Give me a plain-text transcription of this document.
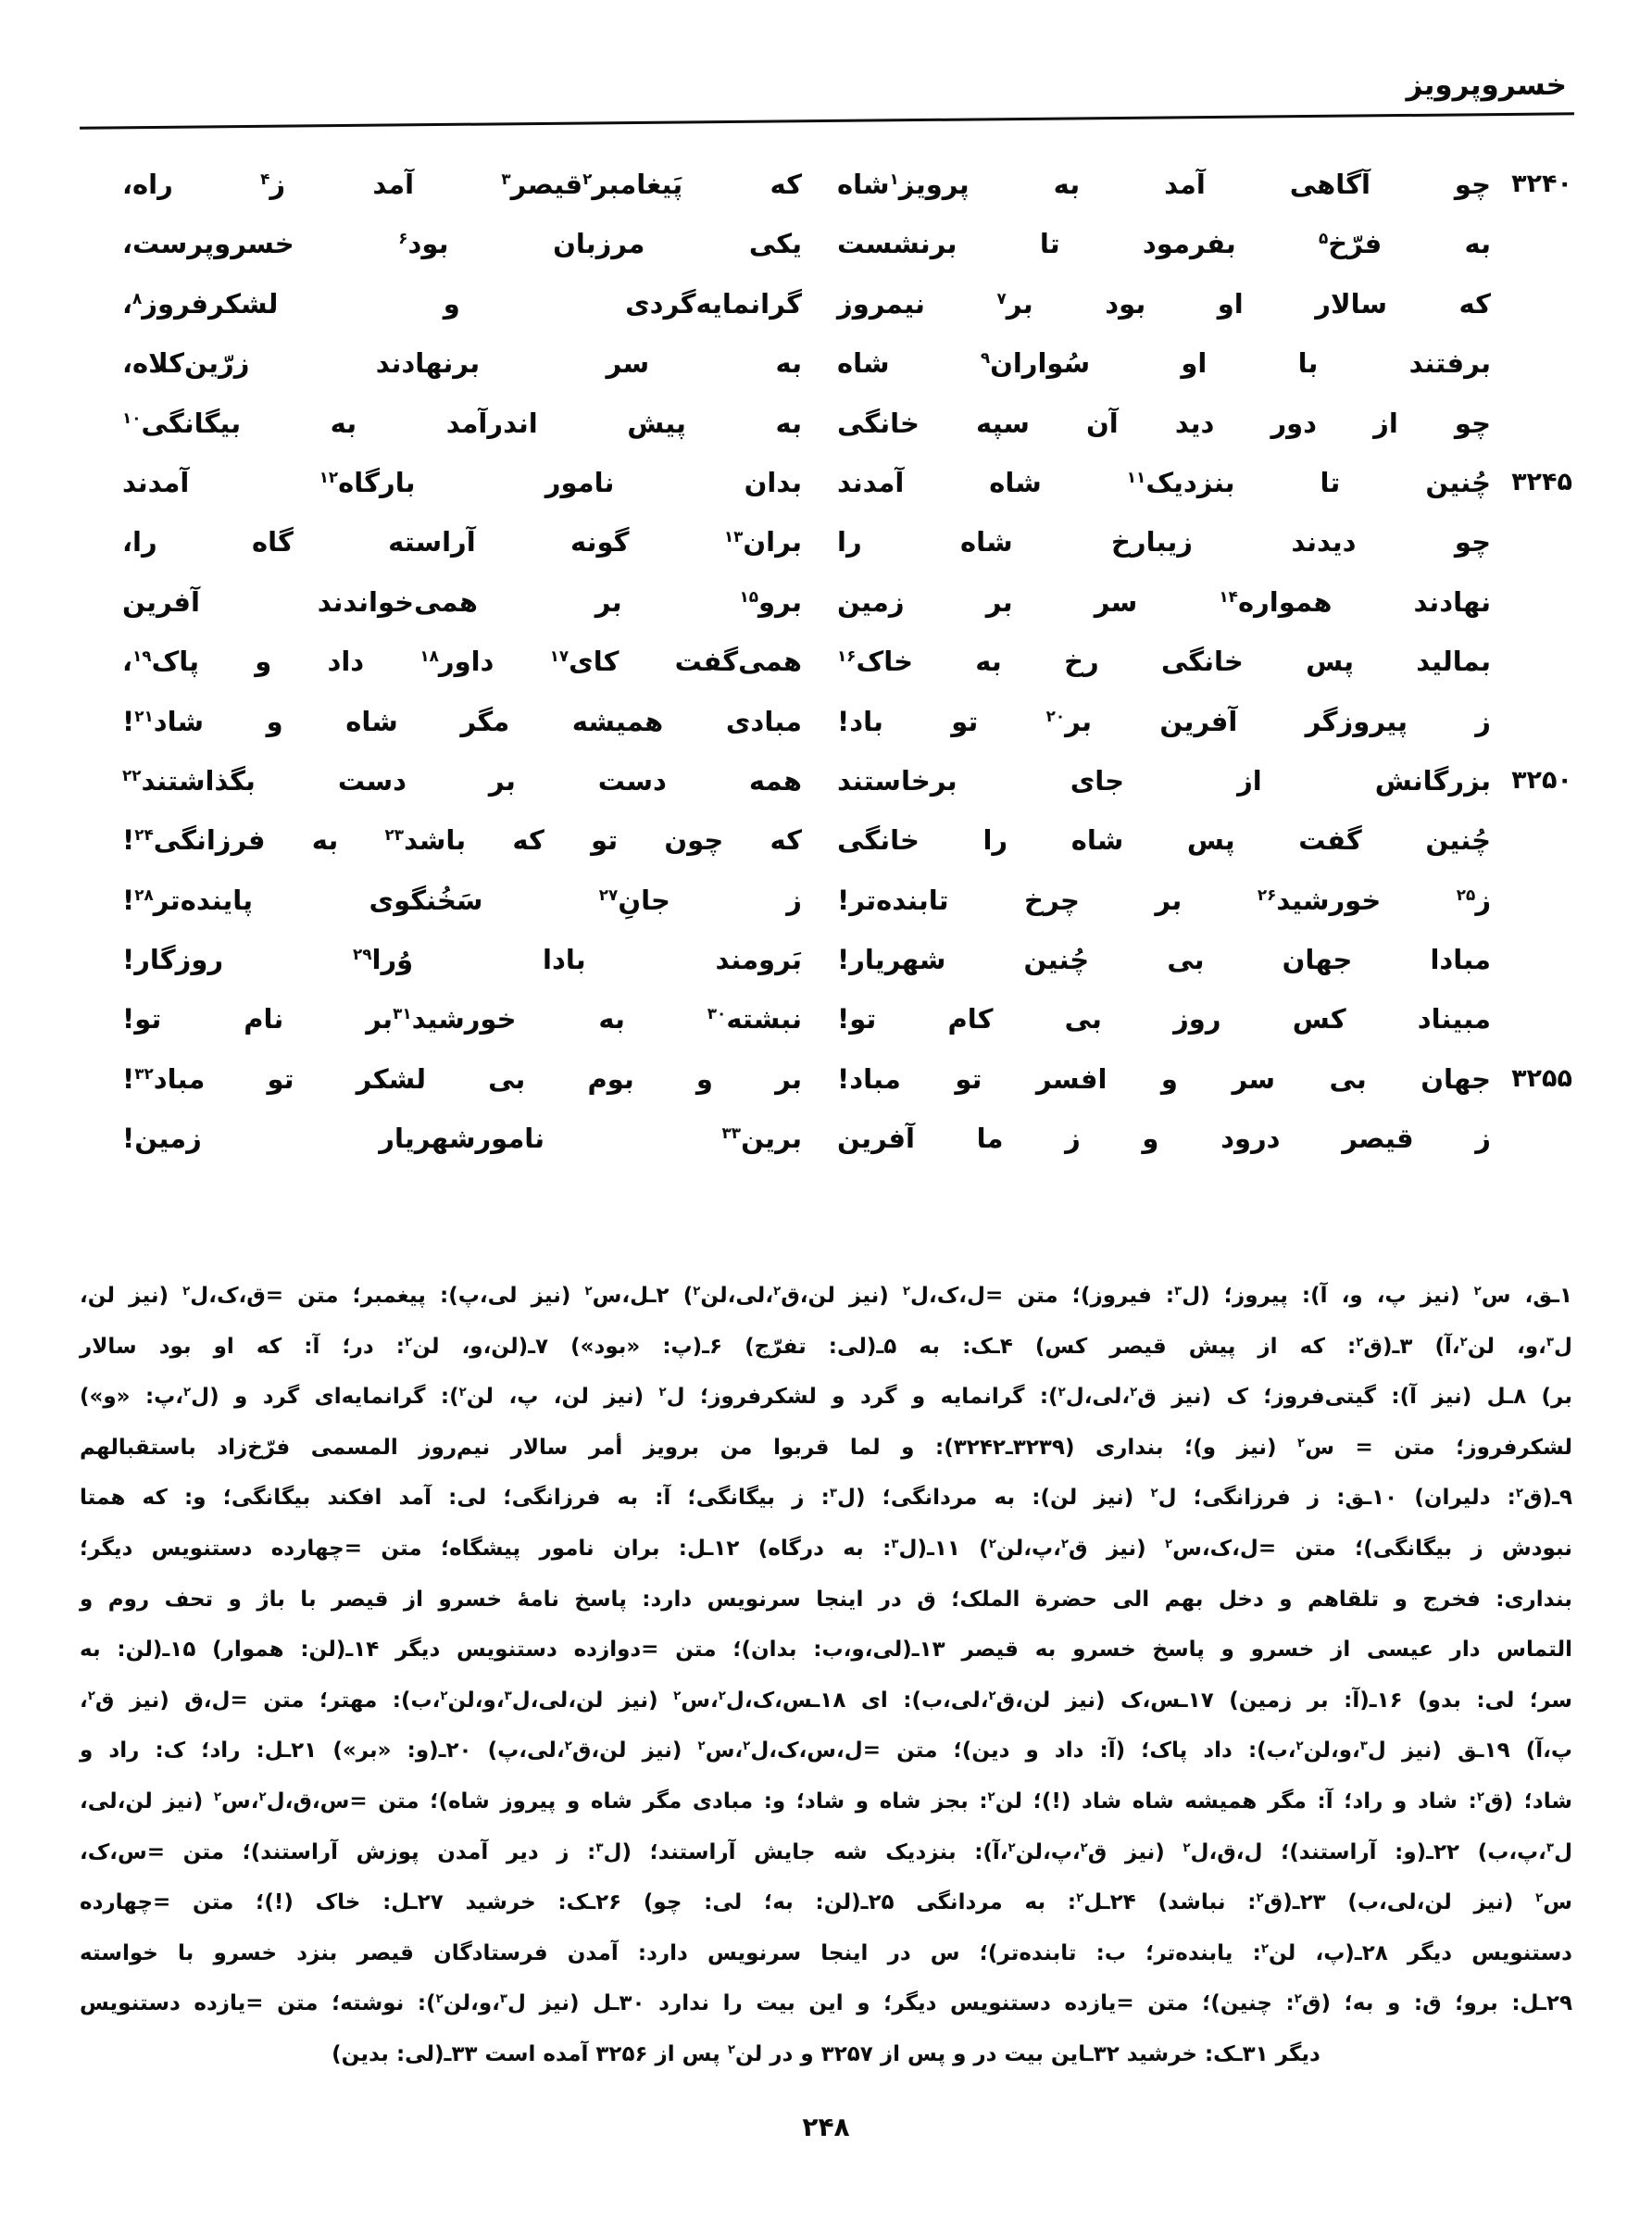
خسروپرویز
۳۲۴۰
چو آگاهی آمد به پرویز$^۱$شاه
که پَیغامبر$^۲$قیصر$^۳$ آمد ز$^۴$ راه،
به فرّخ$^۵$ بفرمود تا برنشست
یکی مرزبان بود$^۶$ خسروپرست،
که سالار او بود بر$^۷$ نیمروز
گرانمایه‌گردی و لشکرفروز$^۸$،
برفتند با او سُواران$^۹$ شاه
به سر برنهادند زرّین‌کلاه،
چو از دور دید آن سپه خانگی
به پیش اندرآمد به بیگانگی$^{۱۰}$
۳۲۴۵
چُنین تا بنزدیک$^{۱۱}$ شاه آمدند
بدان نامور بارگاه$^{۱۲}$ آمدند
چو دیدند زیبارخ شاه را
بران$^{۱۳}$ گونه آراسته گاه را،
نهادند همواره$^{۱۴}$ سر بر زمین
برو$^{۱۵}$ بر همی‌خواندند آفرین
بمالید پس خانگی رخ به خاک$^{۱۶}$
همی‌گفت کای$^{۱۷}$ داور$^{۱۸}$ داد و پاک$^{۱۹}$،
ز پیروزگر آفرین بر$^{۲۰}$ تو باد!
مبادی همیشه مگر شاه و شاد$^{۲۱}$!
۳۲۵۰
بزرگانش از جای برخاستند
همه دست بر دست بگذاشتند$^{۲۲}$
چُنین گفت پس شاه را خانگی
که چون تو که باشد$^{۲۳}$ به فرزانگی$^{۲۴}$!
ز$^{۲۵}$ خورشید$^{۲۶}$ بر چرخ تابنده‌تر!
ز جانِ$^{۲۷}$ سَخُنگوی پاینده‌تر$^{۲۸}$!
مبادا جهان بی چُنین شهریار!
بَرومند بادا وُرا$^{۲۹}$ روزگار!
مبیناد کس روز بی کام تو!
نبشته$^{۳۰}$ به خورشید$^{۳۱}$بر نام تو!
۳۲۵۵
جهان بی سر و افسر تو مباد!
بر و بوم بی لشکر تو مباد$^{۳۲}$!
ز قیصر درود و ز ما آفرین
برین$^{۳۳}$ نامورشهریار زمین!
۱ـق، س$^۲$ (نیز پ، و، آ): پیروز؛ (ل$^۳$: فیروز)؛ متن =ل،ک،ل$^۲$ (نیز لن،ق$^۲$،لی،لن$^۲$) ۲ـل،س$^۲$ (نیز لی،پ): پیغمبر؛ متن =ق،ک،ل$^۲$ (نیز لن،
ل$^۳$،و، لن$^۲$،آ) ۳ـ(ق$^۲$: که از پیش قیصر کس) ۴ـک: به ۵ـ(لی: تفرّج) ۶ـ(پ: «بود») ۷ـ(لن،و، لن$^۲$: در؛ آ: که او بود سالار
بر) ۸ـل (نیز آ): گیتی‌فروز؛ ک (نیز ق$^۲$،لی،ل$^۲$): گرانمایه و گرد و لشکرفروز؛ ل$^۲$ (نیز لن، پ، لن$^۲$): گرانمایه‌ای گرد و (ل$^۲$،پ: «و»)
لشکرفروز؛ متن = س$^۲$ (نیز و)؛ بنداری (۳۲۳۹ـ۳۲۴۲): و لما قربوا من برویز أمر سالار نیم‌روز المسمی فرّخ‌زاد باستقبالهم
۹ـ(ق$^۲$: دلیران) ۱۰ـق: ز فرزانگی؛ ل$^۲$ (نیز لن): به مردانگی؛ (ل$^۳$: ز بیگانگی؛ آ: به فرزانگی؛ لی: آمد افکند بیگانگی؛ و: که همتا
نبودش ز بیگانگی)؛ متن =ل،ک،س$^۲$ (نیز ق$^۲$،پ،لن$^۲$) ۱۱ـ(ل$^۳$: به درگاه) ۱۲ـل: بران نامور پیشگاه؛ متن =چهارده دستنویس دیگر؛
بنداری: فخرج و تلقاهم و دخل بهم الی حضرة الملک؛ ق در اینجا سرنویس دارد: پاسخ نامهٔ خسرو از قیصر با باژ و تحف روم و
التماس دار عیسی از خسرو و پاسخ خسرو به قیصر ۱۳ـ(لی،و،ب: بدان)؛ متن =دوازده دستنویس دیگر ۱۴ـ(لن: هموار) ۱۵ـ(لن: به
سر؛ لی: بدو) ۱۶ـ(آ: بر زمین) ۱۷ـس،ک (نیز لن،ق$^۲$،لی،ب): ای ۱۸ـس،ک،ل$^۲$،س$^۲$ (نیز لن،لی،ل$^۳$،و،لن$^۲$،ب): مهتر؛ متن =ل،ق (نیز ق$^۲$،
پ،آ) ۱۹ـق (نیز ل$^۳$،و،لن$^۲$،ب): داد پاک؛ (آ: داد و دین)؛ متن =ل،س،ک،ل$^۲$،س$^۲$ (نیز لن،ق$^۲$،لی،پ) ۲۰ـ(و: «بر») ۲۱ـل: راد؛ ک: راد و
شاد؛ (ق$^۲$: شاد و راد؛ آ: مگر همیشه شاه شاد (!)؛ لن$^۲$: بجز شاه و شاد؛ و: مبادی مگر شاه و پیروز شاه)؛ متن =س،ق،ل$^۲$،س$^۲$ (نیز لن،لی،
ل$^۳$،پ،ب) ۲۲ـ(و: آراستند)؛ ل،ق،ل$^۲$ (نیز ق$^۲$،پ،لن$^۲$،آ): بنزدیک شه جایش آراستند؛ (ل$^۳$: ز دیر آمدن پوزش آراستند)؛ متن =س،ک،
س$^۲$ (نیز لن،لی،ب) ۲۳ـ(ق$^۲$: نباشد) ۲۴ـل$^۲$: به مردانگی ۲۵ـ(لن: به؛ لی: چو) ۲۶ـک: خرشید ۲۷ـل: خاک (!)؛ متن =چهارده
دستنویس دیگر ۲۸ـ(پ، لن$^۲$: یابنده‌تر؛ ب: تابنده‌تر)؛ س در اینجا سرنویس دارد: آمدن فرستادگان قیصر بنزد خسرو با خواسته
۲۹ـل: برو؛ ق: و به؛ (ق$^۲$: چنین)؛ متن =یازده دستنویس دیگر؛ و این بیت را ندارد ۳۰ـل (نیز ل$^۳$،و،لن$^۲$): نوشته؛ متن =یازده دستنویس
دیگر ۳۱ـک: خرشید ۳۲ـاین بیت در و پس از ۳۲۵۷ و در لن$^۲$ پس از ۳۲۵۶ آمده است ۳۳ـ(لی: بدین)
۲۴۸
